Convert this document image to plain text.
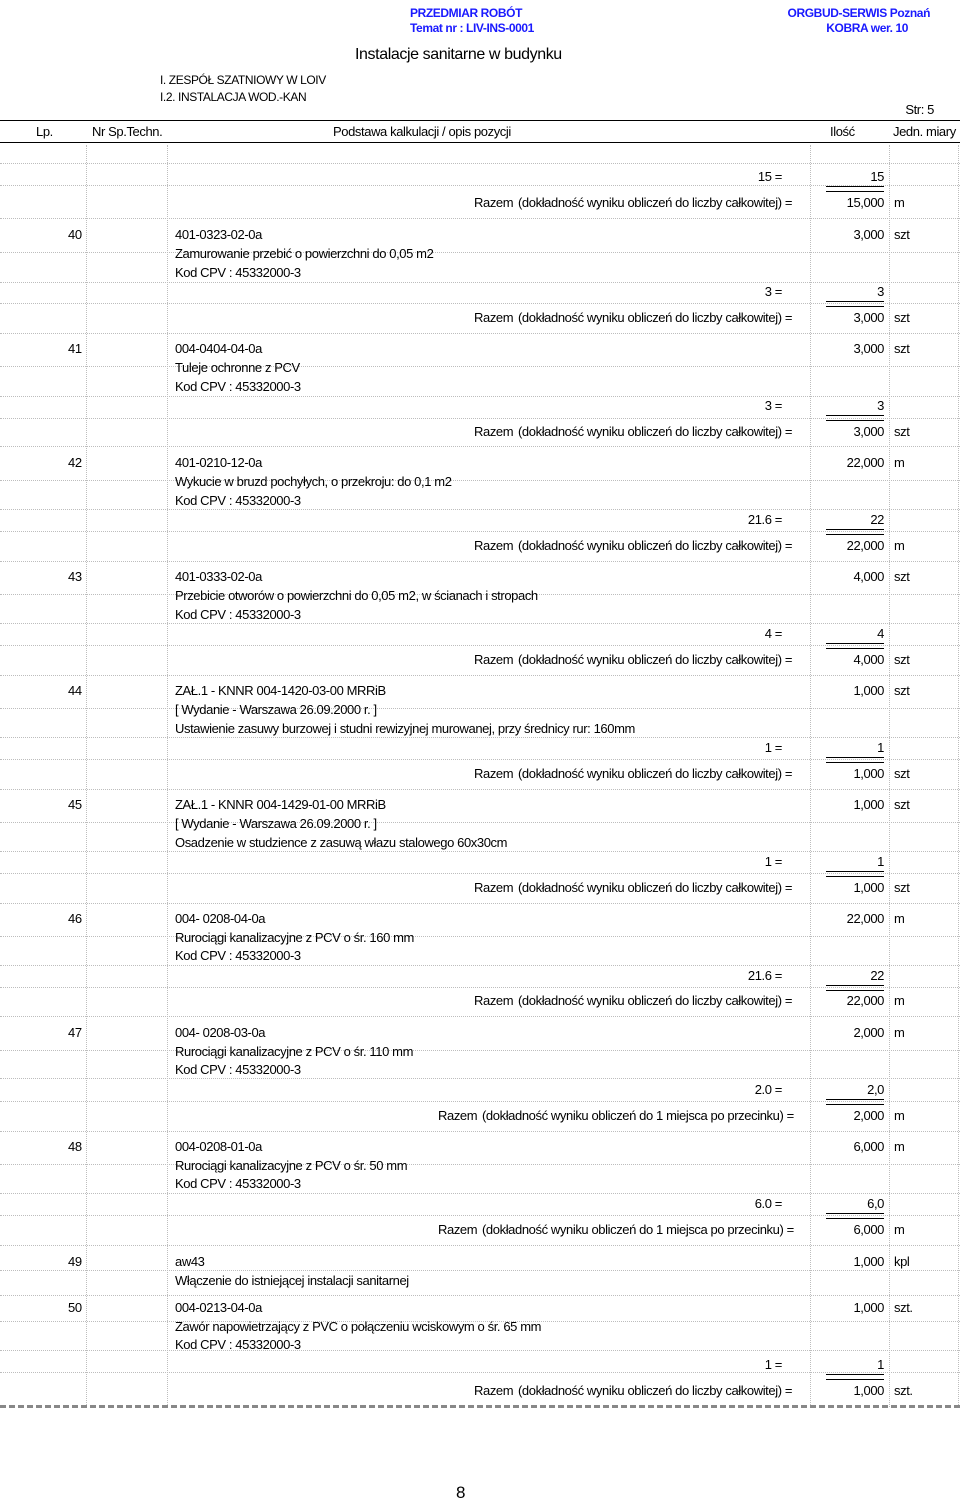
PRZEDMIAR ROBÓT
Temat nr : LIV-INS-0001
ORGBUD-SERWIS Poznań
KOBRA wer. 10
Instalacje sanitarne w budynku
I. ZESPÓŁ SZATNIOWY W LOIV
I.2. INSTALACJA WOD.-KAN
Str: 5
Lp.	Nr Sp.Techn.	Podstawa kalkulacji / opis pozycji	Ilość	Jedn. miary
15 =	15
Razem (dokładność wyniku obliczeń do liczby całkowitej) =	15,000 m
40	401-0323-02-0a	3,000 szt
Zamurowanie przebić o powierzchni do 0,05 m2
Kod CPV : 45332000-3
3 =	3
Razem (dokładność wyniku obliczeń do liczby całkowitej) =	3,000 szt
41	004-0404-04-0a	3,000 szt
Tuleje ochronne z PCV
Kod CPV : 45332000-3
3 =	3
Razem (dokładność wyniku obliczeń do liczby całkowitej) =	3,000 szt
42	401-0210-12-0a	22,000 m
Wykucie w bruzd pochyłych, o przekroju: do 0,1 m2
Kod CPV : 45332000-3
21.6 =	22
Razem (dokładność wyniku obliczeń do liczby całkowitej) =	22,000 m
43	401-0333-02-0a	4,000 szt
Przebicie otworów o powierzchni do 0,05 m2, w ścianach i stropach
Kod CPV : 45332000-3
4 =	4
Razem (dokładność wyniku obliczeń do liczby całkowitej) =	4,000 szt
44	ZAŁ.1 - KNNR 004-1420-03-00 MRRiB	1,000 szt
[ Wydanie - Warszawa 26.09.2000 r. ]
Ustawienie zasuwy burzowej i studni rewizyjnej murowanej, przy średnicy rur: 160mm
1 =	1
Razem (dokładność wyniku obliczeń do liczby całkowitej) =	1,000 szt
45	ZAŁ.1 - KNNR 004-1429-01-00 MRRiB	1,000 szt
[ Wydanie - Warszawa 26.09.2000 r. ]
Osadzenie w studzience z zasuwą włazu stalowego 60x30cm
1 =	1
Razem (dokładność wyniku obliczeń do liczby całkowitej) =	1,000 szt
46	004- 0208-04-0a	22,000 m
Rurociągi kanalizacyjne z PCV o śr. 160 mm
Kod CPV : 45332000-3
21.6 =	22
Razem (dokładność wyniku obliczeń do liczby całkowitej) =	22,000 m
47	004- 0208-03-0a	2,000 m
Rurociągi kanalizacyjne z PCV o śr. 110 mm
Kod CPV : 45332000-3
2.0 =	2,0
Razem (dokładność wyniku obliczeń do 1 miejsca po przecinku) =	2,000 m
48	004-0208-01-0a	6,000 m
Rurociągi kanalizacyjne z PCV o śr. 50 mm
Kod CPV : 45332000-3
6.0 =	6,0
Razem (dokładność wyniku obliczeń do 1 miejsca po przecinku) =	6,000 m
49	aw43	1,000 kpl
Włączenie do istniejącej instalacji sanitarnej
50	004-0213-04-0a	1,000 szt.
Zawór napowietrzający z PVC o połączeniu wciskowym o śr. 65 mm
Kod CPV : 45332000-3
1 =	1
Razem (dokładność wyniku obliczeń do liczby całkowitej) =	1,000 szt.
8
